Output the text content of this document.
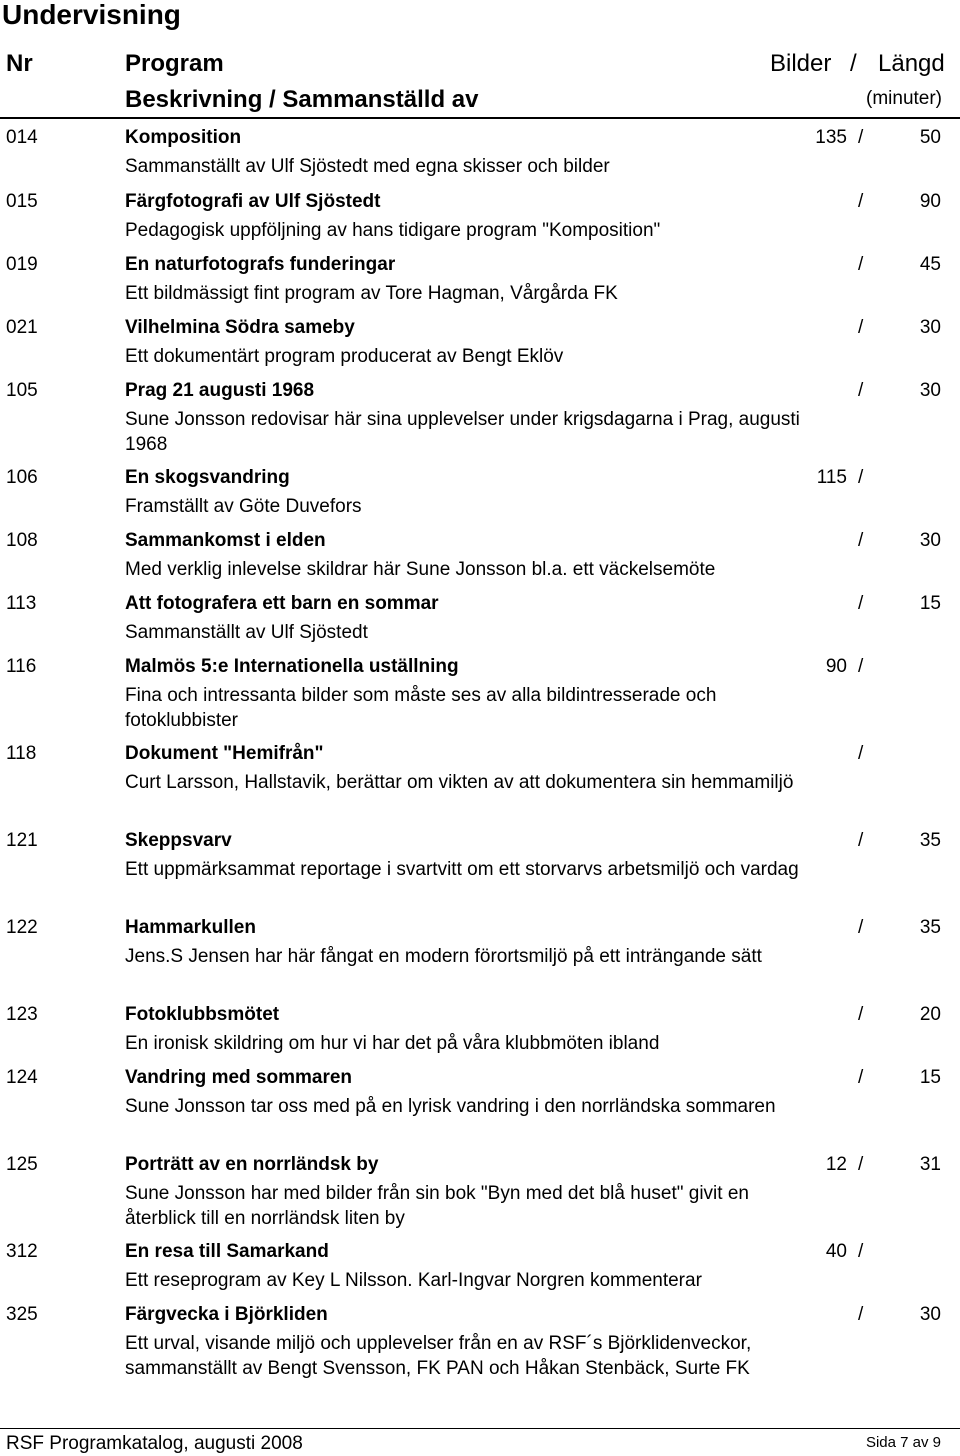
Undervisning
Nr	Program	Bilder / Längd
Beskrivning / Sammanställd av	(minuter)
014	Komposition	135 /	50
Sammanställt av Ulf Sjöstedt med egna skisser och bilder
015	Färgfotografi av Ulf Sjöstedt	/	90
Pedagogisk uppföljning av hans tidigare program "Komposition"
019	En naturfotografs funderingar	/	45
Ett bildmässigt fint program av Tore Hagman, Vårgårda FK
021	Vilhelmina Södra sameby	/	30
Ett dokumentärt program producerat av Bengt Eklöv
105	Prag 21 augusti 1968	/	30
Sune Jonsson redovisar här sina upplevelser under krigsdagarna i Prag, augusti 1968
106	En skogsvandring	115 /
Framställt av Göte Duvefors
108	Sammankomst i elden	/	30
Med verklig inlevelse skildrar här Sune Jonsson bl.a. ett väckelsemöte
113	Att fotografera ett barn en sommar	/	15
Sammanställt av Ulf Sjöstedt
116	Malmös 5:e Internationella uställning	90 /
Fina och intressanta bilder som måste ses av alla bildintresserade och fotoklubbister
118	Dokument "Hemifrån"	/
Curt Larsson, Hallstavik, berättar om vikten av att dokumentera sin hemmamiljö
121	Skeppsvarv	/	35
Ett uppmärksammat reportage i svartvitt om ett storvarvs arbetsmiljö och vardag
122	Hammarkullen	/	35
Jens.S Jensen har här fångat en modern förortsmiljö på ett inträngande sätt
123	Fotoklubbsmötet	/	20
En ironisk skildring om hur vi har det på våra klubbmöten ibland
124	Vandring med sommaren	/	15
Sune Jonsson tar oss med på en lyrisk vandring i den norrländska sommaren
125	Porträtt av en norrländsk by	12 /	31
Sune Jonsson har med bilder från sin bok "Byn med det blå huset" givit en återblick till en norrländsk liten by
312	En resa till Samarkand	40 /
Ett reseprogram av Key L Nilsson. Karl-Ingvar Norgren kommenterar
325	Färgvecka i Björkliden	/	30
Ett urval, visande miljö och upplevelser från en av RSF´s Björklidenveckor, sammanställt av Bengt Svensson, FK PAN och Håkan Stenbäck, Surte FK
RSF Programkatalog, augusti 2008	Sida 7 av 9
